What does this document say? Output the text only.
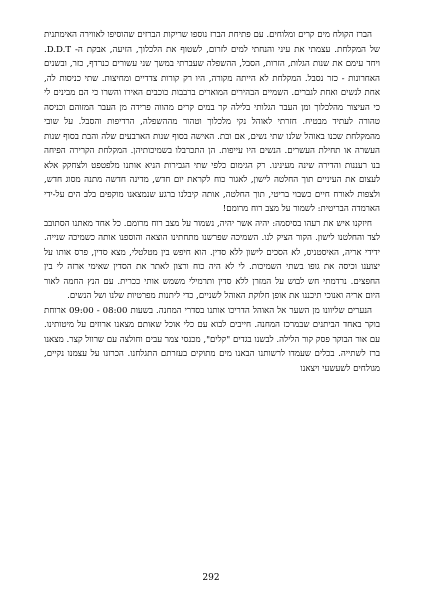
הברז הקולח מים קרים ומלוחים. עם פתיחת הברז נוספו שריקות הברזים שהוסיפו לאווירה האימתנית של המקלחת. עצמתי את עיני והנחתי למים לזרום, לשטוף את הלכלוך, הזיעה, אבקת ה- D.D.T. ויחד עימם את שנות הגלות, הזרות, הסבל, ההשפלה שעברתי במשך שני עשורים כנרדף, כזר, ובשנים האחרונות - כזר נסבל. המקלחת לא הייתה מקורה, היו רק קורות צדדיים ומחיצות. שתי כניסות לה, אחת לנשים ואחת לגברים. השמיים הבהירים המוארים ברבבות כוכבים האירו והשרו כי הם מבינים לי כי העיצור מהלכלוך ומן העבר הגלותי בלילה קר במים קרים מהווה פרידה מן העבר המזוהם וכניסה טהורה לעתיד מבטיח. חזרתי לאוהל נקי מלכלוך וטהור מההשפלה, הרדיפות והסבל. על שובי מהמקלחת שכנו באוהל שלנו שתי נשים, אם ובת. האישה בסוף שנות הארבעים שלה והבת בסוף שנות העשרה או תחילת העשרים. הנשים היו עייפות. הן התכרבלו בשמיכותיהן. המקלחת הקרירה הפיחה בנו רעננות והדירה שינה מעינינו. רק הגימום כלפי שתי הגבירות הניא אותנו מלפטפט ולצחקק אלא לעצום את העיניים תוך החלטה לישון, לאגור כוח לקראת יום חדש, מדינה חדשה מתנה מסוג חדש, ולצפות לאורח חיים כשבוי בריטי, תוך החלטה, אותה קיבלנו ברגע שנמצאנו מוקפים בלב הים על-ידי הארמדה הבריטית: לשמור על מצב רוח מרומם!

חיזקנו איש את רעהו בסיסמה: יהיה אשר יהיה, נשמור על מצב רוח מרומם. כל אחד מאתנו הסתובב לצד והחלטנו לישון. הקור הציק לנו. השמיכה שפרשנו מתחתינו הוצאה והוספנו אותה כשמיכה שנייה. ידידי אריה, האיסטניס, לא הסכים לישון ללא סדין. הוא חיפש בין מטלטלי, מצא סדין, פרס אותו על יצוענו וכיסה את גופו בשתי השמיכות. לי לא היה כוח ורצון לאתר את הסדין שאימי ארזה לי בין החפצים. נרדמתי חש לבוש על המזרן ללא סדין ותרמילי משמש אותי ככרית. עם הנץ החמה לאור היום אריה ואנוכי תיכננו את אופן חלוקת האוהל לשניים, כדי ליתנות מפרטיות שלנו ושל הנשים.

הנערים שליוונו מן השער אל האוהל הדריכו אותנו בסדרי המחנה. בשעות 08:00 - 09:00 ארוחת בוקר באחד הביתנים שבמרכז המחנה. חייבים לבוא עם כלי אוכל שאותם מצאנו ארוזים על מיטותינו. עם אור הבוקר פסק קור הלילה. לבשנו בגדים "קלים", מכנסי צמר עבים וחולצה עם שרוול קצר. מצאנו ברז לשתייה. בכלים שעמדו לרשותנו הבאנו מים מתוקים בעזרתם התגלחנו. הכרזנו על עצמנו נקיים, מגולחים לשעשעי ויצאנו

292
